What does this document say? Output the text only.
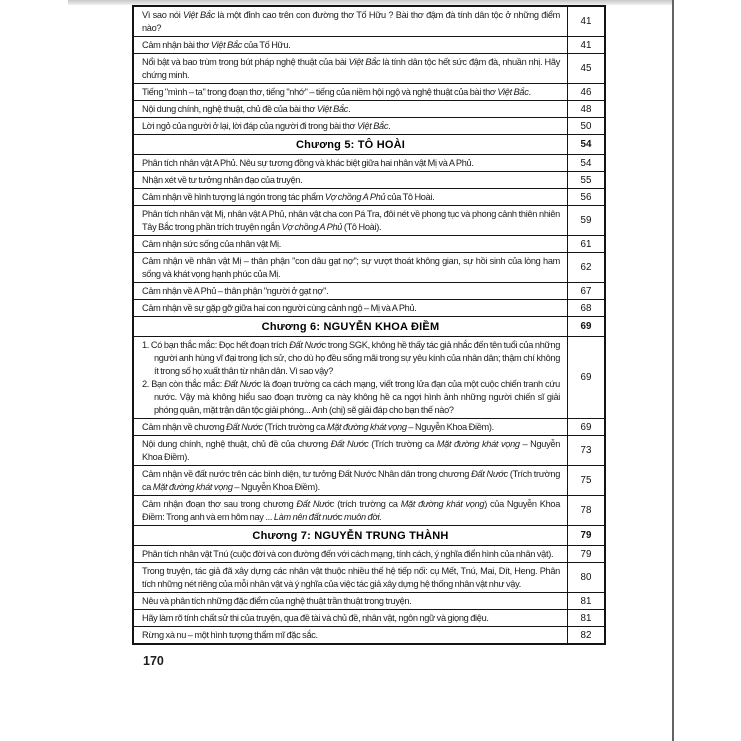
Vì sao nói Việt Bắc là một đỉnh cao trên con đường thơ Tố Hữu ? Bài thơ đậm đà tính dân tộc ở những điểm nào?	41

Cảm nhận bài thơ Việt Bắc của Tố Hữu.	41

Nổi bật và bao trùm trong bút pháp nghệ thuật của bài Việt Bắc là tính dân tộc hết sức đậm đà, nhuần nhị. Hãy chứng minh.	45

Tiếng "mình – ta" trong đoạn thơ, tiếng "nhớ" – tiếng của niềm hội ngộ và nghệ thuật của bài thơ Việt Bắc.	46

Nội dung chính, nghệ thuật, chủ đề của bài thơ Việt Bắc.	48

Lời ngỏ của người ở lại, lời đáp của người đi trong bài thơ Việt Bắc.	50
Chương 5: TÔ HOÀI	54

Phân tích nhân vật A Phủ. Nêu sự tương đồng và khác biệt giữa hai nhân vật Mị và A Phủ.	54

Nhận xét về tư tưởng nhân đạo của truyện.	55

Cảm nhận về hình tượng lá ngón trong tác phẩm Vợ chồng A Phủ của Tô Hoài.	56

Phân tích nhân vật Mị, nhân vật A Phủ, nhân vật cha con Pá Tra, đôi nét về phong tục và phong cảnh thiên nhiên Tây Bắc trong phần trích truyện ngắn Vợ chồng A Phủ (Tô Hoài).	59

Cảm nhận sức sống của nhân vật Mị.	61

Cảm nhận về nhân vật Mị – thân phận "con dâu gạt nợ"; sự vượt thoát không gian, sự hồi sinh của lòng ham sống và khát vọng hạnh phúc của Mị.	62

Cảm nhận về A Phủ – thân phận "người ở gạt nợ".	67

Cảm nhận về sự gặp gỡ giữa hai con người cùng cảnh ngộ – Mị và A Phủ.	68
Chương 6: NGUYỄN KHOA ĐIỀM	69

1. Có bạn thắc mắc: Đọc hết đoạn trích Đất Nước trong SGK, không hề thấy tác giả nhắc đến tên tuổi của những người anh hùng vĩ đại trong lịch sử, cho dù họ đều sống mãi trong sự yêu kính của nhân dân; thậm chí không ít trong số họ xuất thân từ nhân dân. Vì sao vậy?
2. Bạn còn thắc mắc: Đất Nước là đoạn trường ca cách mạng, viết trong lửa đạn của một cuộc chiến tranh cứu nước. Vậy mà không hiểu sao đoạn trường ca này không hề ca ngợi hình ảnh những người chiến sĩ giải phóng quân, mặt trận dân tộc giải phóng... Anh (chị) sẽ giải đáp cho bạn thế nào?	69

Cảm nhận về chương Đất Nước (Trích trường ca Mặt đường khát vọng – Nguyễn Khoa Điềm).	69

Nội dung chính, nghệ thuật, chủ đề của chương Đất Nước (Trích trường ca Mặt đường khát vọng – Nguyễn Khoa Điềm).	73

Cảm nhận về đất nước trên các bình diện, tư tưởng Đất Nước Nhân dân trong chương Đất Nước (Trích trường ca Mặt đường khát vọng – Nguyễn Khoa Điềm).	75

Cảm nhận đoạn thơ sau trong chương Đất Nước (trích trường ca Mặt đường khát vọng) của Nguyễn Khoa Điềm: Trong anh và em hôm nay ... Làm nên đất nước muôn đời.	78
Chương 7: NGUYỄN TRUNG THÀNH	79

Phân tích nhân vật Tnú (cuộc đời và con đường đến với cách mạng, tính cách, ý nghĩa điển hình của nhân vật).	79

Trong truyện, tác giả đã xây dựng các nhân vật thuộc nhiều thế hệ tiếp nối: cụ Mết, Tnú, Mai, Dít, Heng. Phân tích những nét riêng của mỗi nhân vật và ý nghĩa của việc tác giả xây dựng hệ thống nhân vật như vậy.	80

Nêu và phân tích những đặc điểm của nghệ thuật trần thuật trong truyện.	81

Hãy làm rõ tính chất sử thi của truyện, qua đề tài và chủ đề, nhân vật, ngôn ngữ và giọng điệu.	81

Rừng xà nu – một hình tượng thẩm mĩ đặc sắc.	82
170
